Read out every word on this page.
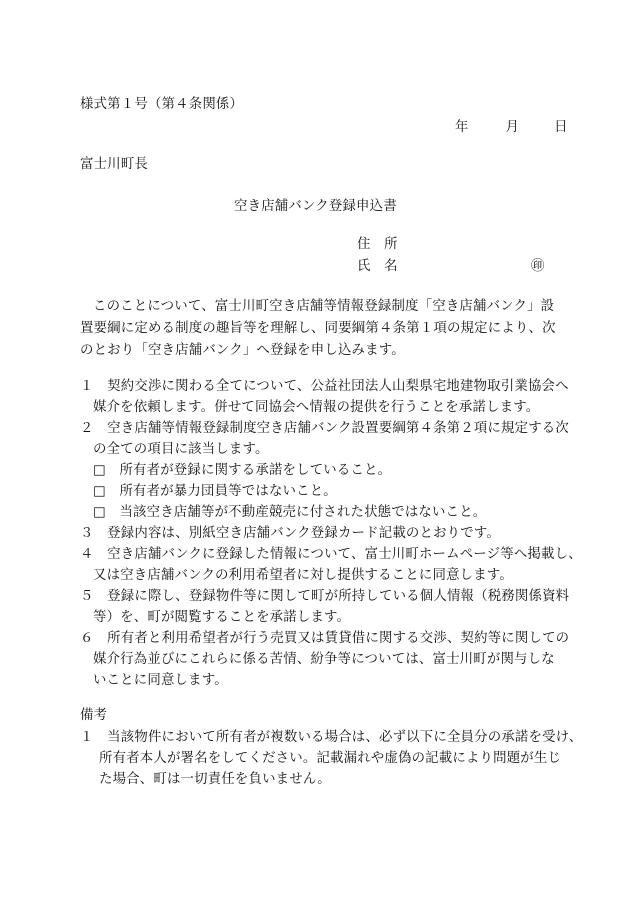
様式第１号（第４条関係）
年	月	日
富士川町長
空き店舗バンク登録申込書
住　所
氏　名	㊞
このことについて、富士川町空き店舗等情報登録制度「空き店舗バンク」設
置要綱に定める制度の趣旨等を理解し、同要綱第４条第１項の規定により、次
のとおり「空き店舗バンク」へ登録を申し込みます。
１　契約交渉に関わる全てについて、公益社団法人山梨県宅地建物取引業協会へ
媒介を依頼します。併せて同協会へ情報の提供を行うことを承諾します。
２　空き店舗等情報登録制度空き店舗バンク設置要綱第４条第２項に規定する次
の全ての項目に該当します。
□　所有者が登録に関する承諾をしていること。
□　所有者が暴力団員等ではないこと。
□　当該空き店舗等が不動産競売に付された状態ではないこと。
３　登録内容は、別紙空き店舗バンク登録カード記載のとおりです。
４　空き店舗バンクに登録した情報について、富士川町ホームページ等へ掲載し、
又は空き店舗バンクの利用希望者に対し提供することに同意します。
５　登録に際し、登録物件等に関して町が所持している個人情報（税務関係資料
等）を、町が閲覧することを承諾します。
６　所有者と利用希望者が行う売買又は賃貸借に関する交渉、契約等に関しての
媒介行為並びにこれらに係る苦情、紛争等については、富士川町が関与しな
いことに同意します。
備考
１　当該物件において所有者が複数いる場合は、必ず以下に全員分の承諾を受け、
所有者本人が署名をしてください。記載漏れや虚偽の記載により問題が生じ
た場合、町は一切責任を負いません。
